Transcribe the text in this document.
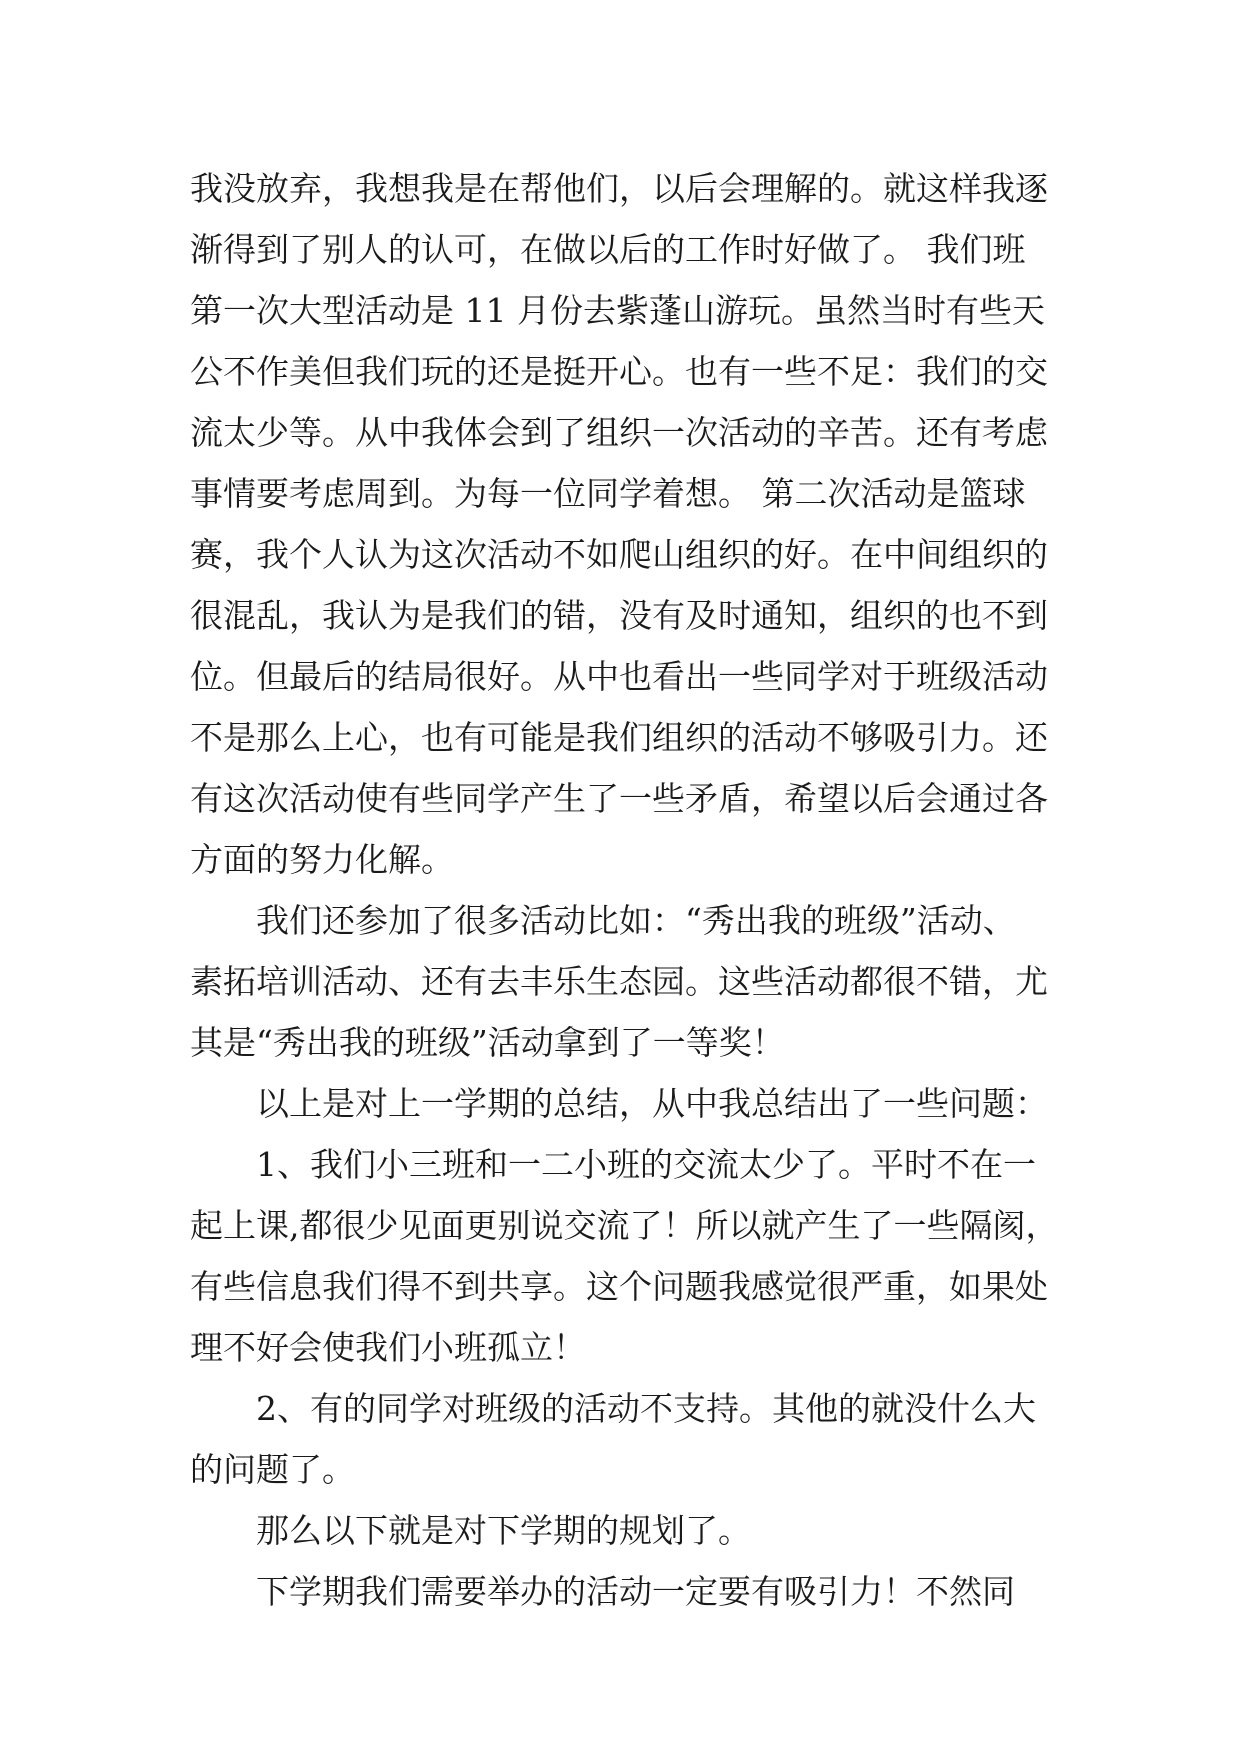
我没放弃，我想我是在帮他们，以后会理解的。就这样我逐
渐得到了别人的认可，在做以后的工作时好做了。 我们班
第一次大型活动是 11 月份去紫蓬山游玩。虽然当时有些天
公不作美但我们玩的还是挺开心。也有一些不足：我们的交
流太少等。从中我体会到了组织一次活动的辛苦。还有考虑
事情要考虑周到。为每一位同学着想。 第二次活动是篮球
赛，我个人认为这次活动不如爬山组织的好。在中间组织的
很混乱，我认为是我们的错，没有及时通知，组织的也不到
位。但最后的结局很好。从中也看出一些同学对于班级活动
不是那么上心，也有可能是我们组织的活动不够吸引力。还
有这次活动使有些同学产生了一些矛盾，希望以后会通过各
方面的努力化解。
我们还参加了很多活动比如：“秀出我的班级”活动、
素拓培训活动、还有去丰乐生态园。这些活动都很不错，尤
其是“秀出我的班级”活动拿到了一等奖！
以上是对上一学期的总结，从中我总结出了一些问题：
1、我们小三班和一二小班的交流太少了。平时不在一
起上课,都很少见面更别说交流了！所以就产生了一些隔阂，
有些信息我们得不到共享。这个问题我感觉很严重，如果处
理不好会使我们小班孤立！
2、有的同学对班级的活动不支持。其他的就没什么大
的问题了。
那么以下就是对下学期的规划了。
下学期我们需要举办的活动一定要有吸引力！不然同
